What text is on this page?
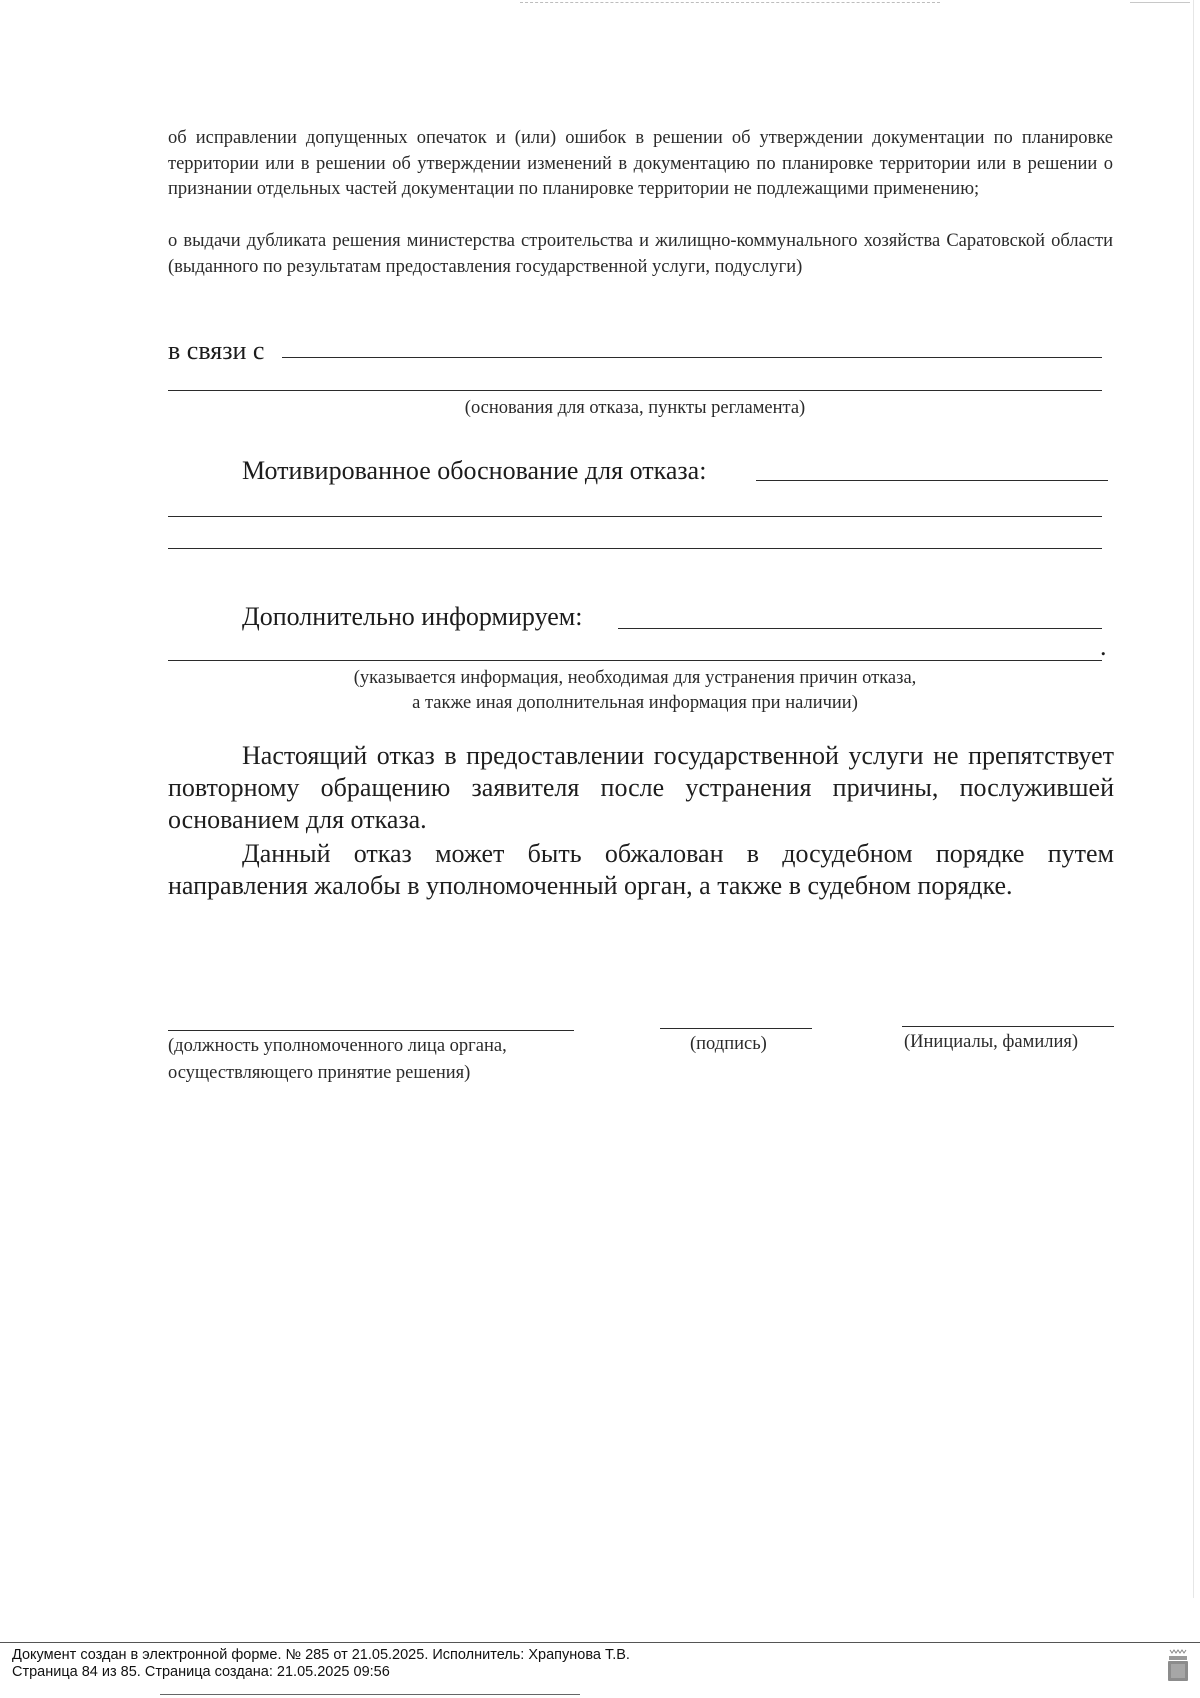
об исправлении допущенных опечаток и (или) ошибок в решении об утверждении документации по планировке территории или в решении об утверждении изменений в документацию по планировке территории или в решении о признании отдельных частей документации по планировке территории не подлежащими применению;
о выдачи дубликата решения министерства строительства и жилищно-коммунального хозяйства Саратовской области (выданного по результатам предоставления государственной услуги, подуслуги)
в связи с
(основания для отказа, пункты регламента)
Мотивированное обоснование для отказа:
Дополнительно информируем:
.
(указывается информация, необходимая для устранения причин отказа,
а также иная дополнительная информация при наличии)
Настоящий отказ в предоставлении государственной услуги не препятствует повторному обращению заявителя после устранения причины, послужившей основанием для отказа.
Данный отказ может быть обжалован в досудебном порядке путем направления жалобы в уполномоченный орган, а также в судебном порядке.
(должность уполномоченного лица органа,
осуществляющего принятие решения)
(подпись)	(Инициалы, фамилия)
Документ создан в электронной форме. № 285 от 21.05.2025. Исполнитель: Храпунова Т.В.
Страница 84 из 85. Страница создана: 21.05.2025 09:56
